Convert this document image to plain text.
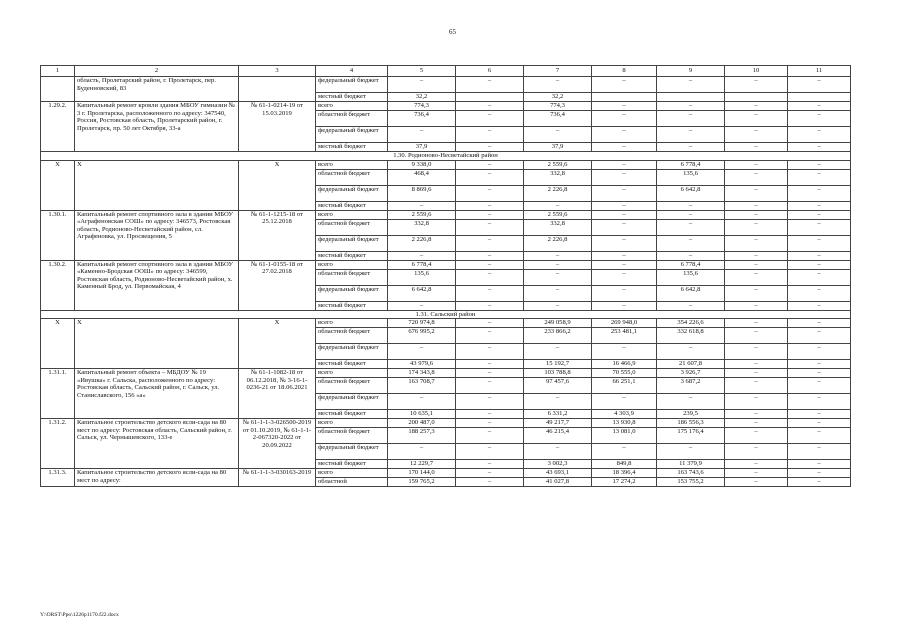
65
1	2	3	4	5	6	7	8	9	10	11
	область, Пролетарский район, г. Пролетарск, пер. Буденновский, 83		федеральный бюджет	–	–	–	–	–	–	–
			местный бюджет	32,2		32,2				
1.29.2.	Капитальный ремонт кровли здания МБОУ гимназии № 3 г. Пролетарска, расположенного по адресу: 347540, Россия, Ростовская область, Пролетарский район, г. Пролетарск, пр. 50 лет Октября, 33-а	№ 61-1-0214-19 от 15.03.2019	всего	774,3	–	774,3	–	–	–	–
			областной бюджет	736,4	–	736,4	–	–	–	–
			федеральный бюджет	–	–	–	–	–	–	–
			местный бюджет	37,9	–	37,9	–	–	–	–
1.30. Родионово-Несветайский район										
Х	Х	Х	всего	9 338,0	–	2 559,6	–	6 778,4	–	–
			областной бюджет	468,4	–	332,8	–	135,6	–	–
			федеральный бюджет	8 869,6	–	2 226,8	–	6 642,8	–	–
			местный бюджет	–	–	–	–	–	–	–
1.30.1.	Капитальный ремонт спортивного зала в здании МБОУ «Аграфеновская СОШ» по адресу: 346573, Ростовская область, Родионово-Несветайский район, сл. Аграфеновка, ул. Просвещения, 5	№ 61-1-1215-18 от 25.12.2018	всего	2 559,6	–	2 559,6	–	–	–	–
			областной бюджет	332,8	–	332,8	–	–	–	–
			федеральный бюджет	2 226,8	–	2 226,8	–	–	–	–
			местный бюджет	–	–	–	–	–	–	–
1.30.2.	Капитальный ремонт спортивного зала в здании МБОУ «Каменно-Бродская ООШ» по адресу: 346599, Ростовская область, Родионово-Несветайский район, х. Каменный Брод, ул. Первомайская, 4	№ 61-1-0155-18 от 27.02.2018	всего	6 778,4	–	–	–	6 778,4	–	–
			областной бюджет	135,6	–	–	–	135,6	–	–
			федеральный бюджет	6 642,8	–	–	–	6 642,8	–	–
			местный бюджет	–	–	–	–	–	–	–
1.31. Сальский район										
Х	Х	Х	всего	720 974,8	–	249 058,9	269 948,0	354 226,6	–	–
			областной бюджет	676 995,2	–	233 866,2	253 481,1	332 618,8	–	–
			федеральный бюджет	–	–	–	–	–	–	–
			местный бюджет	43 979,6	–	15 192,7	16 466,9	21 607,8	–	–
1.31.1.	Капитальный ремонт объекта – МБДОУ № 19 «Ивушка» г. Сальска, расположенного по адресу: Ростовская область, Сальский район, г. Сальск, ул. Станиславского, 156 «а»	№ 61-1-1082-18 от 06.12.2018, № 3-16-1-0236-21 от 18.06.2021	всего	174 343,8	–	103 788,8	70 555,0	3 926,7	–	–
			областной бюджет	163 708,7	–	97 457,6	66 251,1	3 687,2	–	–
			федеральный бюджет	–	–	–	–	–	–	–
			местный бюджет	10 635,1	–	6 331,2	4 303,9	239,5	–	–
1.31.2.	Капитальное строительство детского ясли-сада на 80 мест по адресу: Ростовская область, Сальский район, г. Сальск, ул. Чернышевского, 133-е	№ 61-1-1-3-026500-2019 от 01.10.2019, № 61-1-1-2-067320-2022 от 20.09.2022	всего	200 487,0	–	49 217,7	13 930,8	186 556,3	–	–
			областной бюджет	188 257,3	–	46 215,4	13 081,0	175 176,4	–	–
			федеральный бюджет	–	–	–	–	–	–	–
			местный бюджет	12 229,7	–	3 002,3	849,8	11 379,9	–	–
1.31.3.	Капитальное строительство детского ясли-сада на 80 мест по адресу:	№ 61-1-1-3-030163-2019	всего	170 144,0	–	43 693,1	18 396,4	163 743,6	–	–
			областной	159 765,2	–	41 027,8	17 274,2	153 755,2	–	–
Y:\ORST\Ppo\1226p1170.f22.docx
